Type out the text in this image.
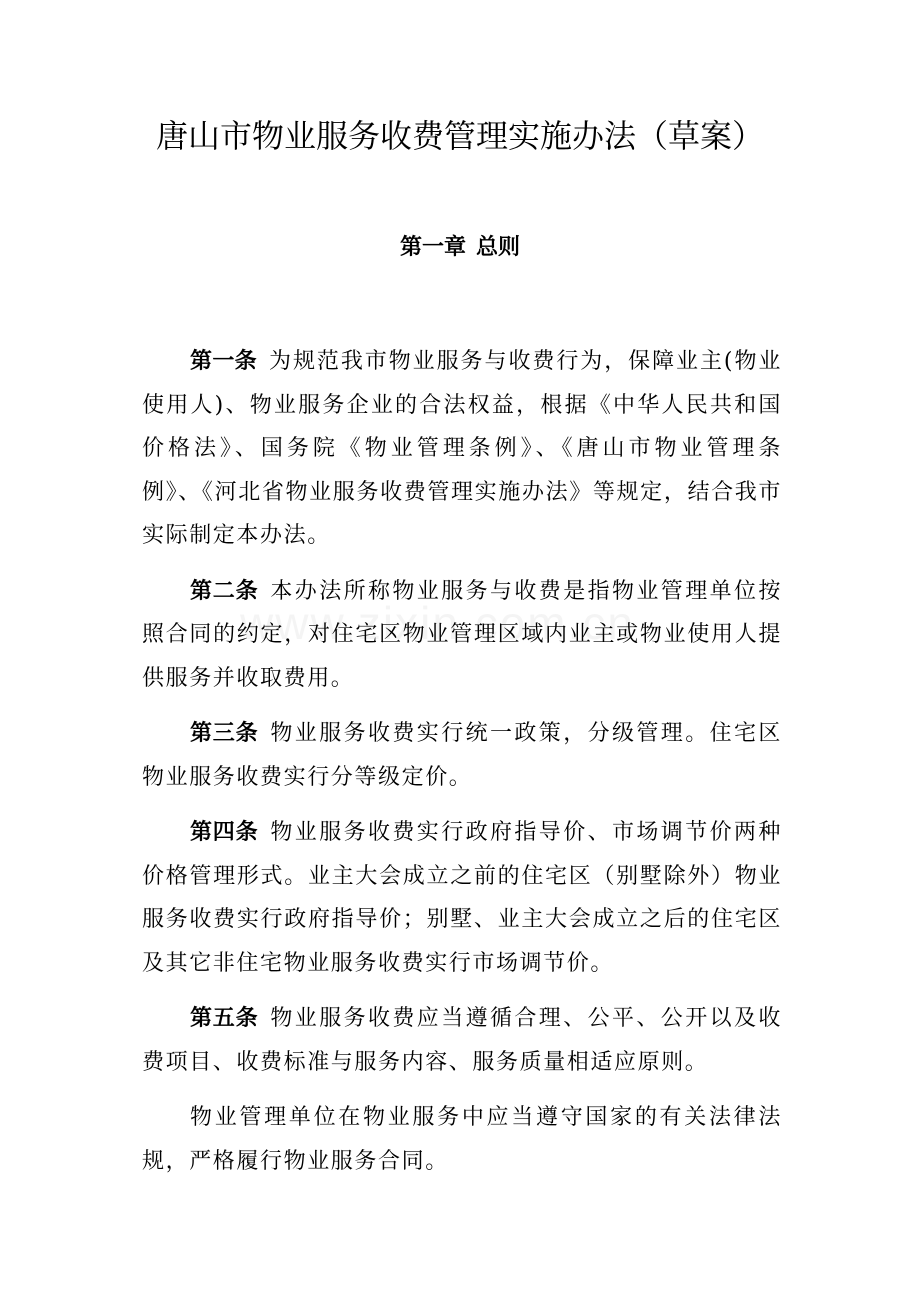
唐山市物业服务收费管理实施办法（草案）
第一章 总则

第一条 为规范我市物业服务与收费行为，保障业主(物业使用人)、物业服务企业的合法权益，根据《中华人民共和国价格法》、国务院《物业管理条例》、《唐山市物业管理条例》、《河北省物业服务收费管理实施办法》等规定，结合我市实际制定本办法。

第二条 本办法所称物业服务与收费是指物业管理单位按照合同的约定，对住宅区物业管理区域内业主或物业使用人提供服务并收取费用。

第三条 物业服务收费实行统一政策，分级管理。住宅区物业服务收费实行分等级定价。

第四条 物业服务收费实行政府指导价、市场调节价两种价格管理形式。业主大会成立之前的住宅区（别墅除外）物业服务收费实行政府指导价；别墅、业主大会成立之后的住宅区及其它非住宅物业服务收费实行市场调节价。

第五条 物业服务收费应当遵循合理、公平、公开以及收费项目、收费标准与服务内容、服务质量相适应原则。

物业管理单位在物业服务中应当遵守国家的有关法律法规，严格履行物业服务合同。
